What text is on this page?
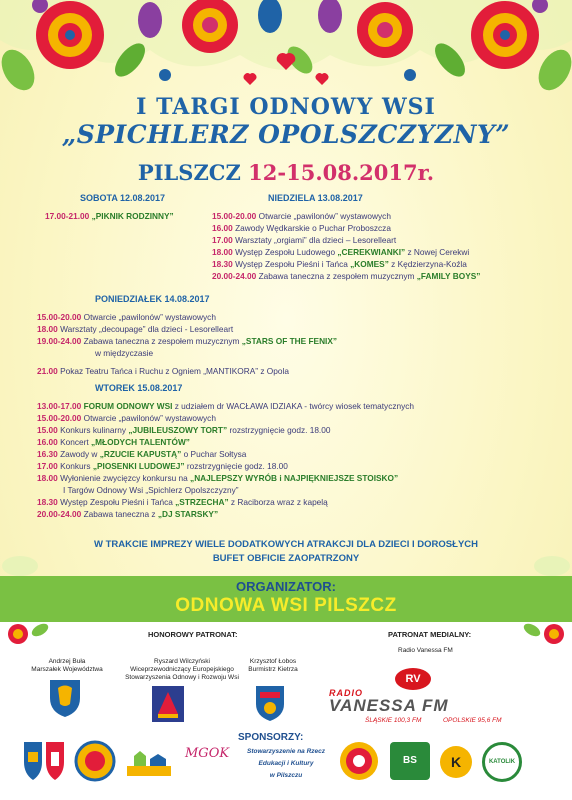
I TARGI ODNOWY WSI
„SPICHLERZ OPOLSZCZYZNY”
PILSZCZ 12-15.08.2017r.
SOBOTA 12.08.2017
17.00-21.00 „PIKNIK RODZINNY”
NIEDZIELA 13.08.2017
15.00-20.00 Otwarcie „pawilonów” wystawowych
16.00 Zawody Wędkarskie o Puchar Proboszcza
17.00 Warsztaty „orgiami” dla dzieci – Lesorelleart
18.00 Występ Zespołu Ludowego „CEREKWIANKI” z Nowej Cerekwi
18.30 Występ Zespołu Pieśni i Tańca „KOMES” z Kędzierzyna-Koźla
20.00-24.00 Zabawa taneczna z zespołem muzycznym „FAMILY BOYS”
PONIEDZIAŁEK 14.08.2017
15.00-20.00 Otwarcie „pawilonów” wystawowych
18.00 Warsztaty „decoupage” dla dzieci - Lesorelleart
19.00-24.00 Zabawa taneczna z zespołem muzycznym „STARS OF THE FENIX”
w międzyczasie
21.00 Pokaz Teatru Tańca i Ruchu z Ogniem „MANTIKORA” z Opola
WTOREK 15.08.2017
13.00-17.00 FORUM ODNOWY WSI z udziałem dr WACŁAWA IDZIAKA - twórcy wiosek tematycznych
15.00-20.00 Otwarcie „pawilonów” wystawowych
15.00 Konkurs kulinarny „JUBILEUSZOWY TORT” rozstrzygnięcie godz. 18.00
16.00 Koncert „MŁODYCH TALENTÓW”
16.30 Zawody w „RZUCIE KAPUSTĄ” o Puchar Sołtysa
17.00 Konkurs „PIOSENKI LUDOWEJ” rozstrzygnięcie godz. 18.00
18.00 Wyłonienie zwycięzcy konkursu na „NAJLEPSZY WYRÓB i NAJPIĘKNIEJSZE STOISKO”
I Targów Odnowy Wsi „Spichlerz Opolszczyzny”
18.30 Występ Zespołu Pieśni i Tańca „STRZECHA” z Raciborza wraz z kapelą
20.00-24.00 Zabawa taneczna z „DJ STARSKY”
W TRAKCIE IMPREZY WIELE DODATKOWYCH ATRAKCJI DLA DZIECI I DOROSŁYCH
BUFET OBFICIE ZAOPATRZONY
ORGANIZATOR:
ODNOWA WSI PILSZCZ
HONOROWY PATRONAT:	PATRONAT MEDIALNY:
Andrzej Buła
Marszałek Województwa
Ryszard Wilczyński
Wiceprzewodniczący Europejskiego
Stowarzyszenia Odnowy i Rozwoju Wsi
Krzysztof Łobos
Burmistrz Kietrza
Radio Vanessa FM
RV
RADIO
VANESSA FM
ŚLĄSKIE 100,3 FM	OPOLSKIE 95,6 FM
SPONSORZY:
Stowarzyszenie na Rzecz
Edukacji i Kultury
w Pilszczu
MGOK	BS	K	KATOLIK
